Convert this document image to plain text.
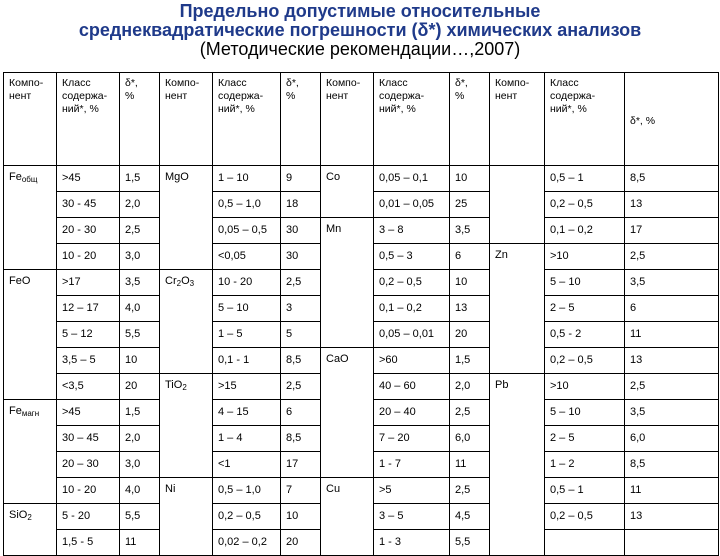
Предельно допустимые относительные
среднеквадратические погрешности (δ*) химических анализов
(Методические рекомендации…,2007)
Компо-
нент	Класс
содержа-
ний*, %	δ*,
%	Компо-
нент	Класс
содержа-
ний*, %	δ*,
%	Компо-
нент	Класс
содержа-
ний*, %	δ*,
%	Компо-
нент	Класс
содержа-
ний*, %	δ*, %
$Fe_{общ}$	>45	1,5	MgO	1 – 10	9	Co	0,05 – 0,1	10		0,5 – 1	8,5
	30 - 45	2,0		0,5 – 1,0	18		0,01 – 0,05	25		0,2 – 0,5	13
	20 - 30	2,5		0,05 – 0,5	30	Mn	3 – 8	3,5		0,1 – 0,2	17
	10 - 20	3,0		<0,05	30		0,5 – 3	6	Zn	>10	2,5
FeO	>17	3,5	$Cr_2O_3$	10 - 20	2,5		0,2 – 0,5	10		5 – 10	3,5
	12 – 17	4,0		5 – 10	3		0,1 – 0,2	13		2 – 5	6
	5 – 12	5,5		1 – 5	5		0,05 – 0,01	20		0,5 - 2	11
	3,5 – 5	10		0,1 - 1	8,5	CaO	>60	1,5		0,2 – 0,5	13
	<3,5	20	TiO$_2$	>15	2,5		40 – 60	2,0	Pb	>10	2,5
$Fe_{магн}$	>45	1,5		4 – 15	6		20 – 40	2,5		5 – 10	3,5
	30 – 45	2,0		1 – 4	8,5		7 – 20	6,0		2 – 5	6,0
	20 – 30	3,0		<1	17		1 - 7	11		1 – 2	8,5
	10 - 20	4,0	Ni	0,5 – 1,0	7	Cu	>5	2,5		0,5 – 1	11
SiO$_2$	5 - 20	5,5		0,2 – 0,5	10		3 – 5	4,5		0,2 – 0,5	13
	1,5 - 5	11		0,02 – 0,2	20		1 - 3	5,5			
